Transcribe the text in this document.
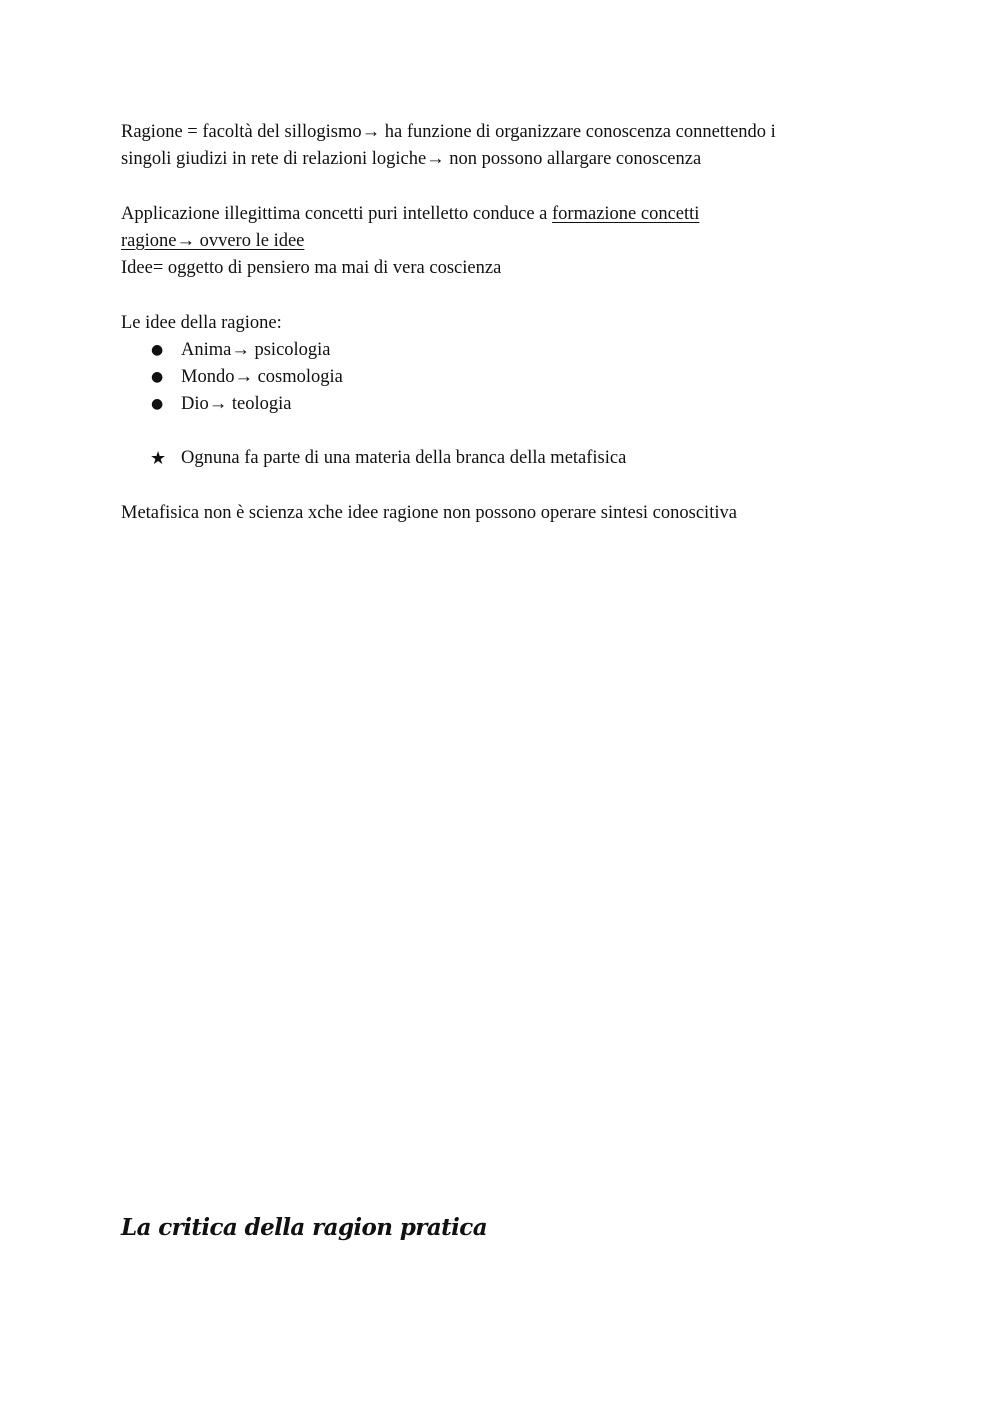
Ragione = facoltà del sillogismo→ ha funzione di organizzare conoscenza connettendo i
singoli giudizi in rete di relazioni logiche→ non possono allargare conoscenza

Applicazione illegittima concetti puri intelletto conduce a formazione concetti
ragione→ ovvero le idee
Idee= oggetto di pensiero ma mai di vera coscienza

Le idee della ragione:

● Anima→ psicologia
● Mondo→ cosmologia
● Dio→ teologia
★ Ognuna fa parte di una materia della branca della metafisica

Metafisica non è scienza xche idee ragione non possono operare sintesi conoscitiva

La critica della ragion pratica
